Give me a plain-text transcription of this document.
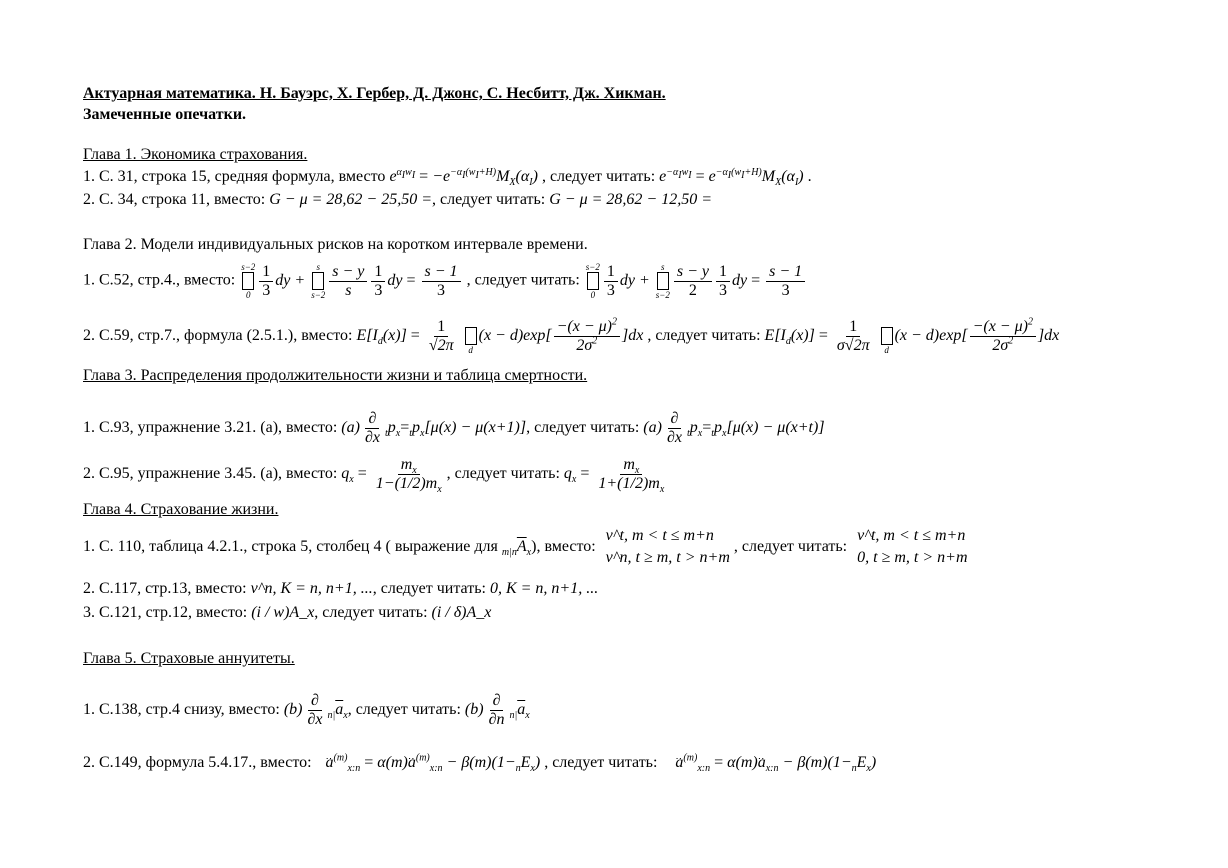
Актуарная математика. Н. Бауэрс, Х. Гербер, Д. Джонс, С. Несбитт, Дж. Хикман.
Замеченные опечатки.
Глава 1. Экономика страхования.
1. С. 31, строка 15, средняя формула, вместо $e^{\alpha_Iw_I} = -e^{-\alpha_I(w_I+H)}M_X(\alpha_I)$ , следует читать: $e^{-\alpha_Iw_I} = e^{-\alpha_I(w_I+H)}M_X(\alpha_I)$ .
2. С. 34, строка 11, вместо: G − μ = 28,62 − 25,50 =, следует читать: G − μ = 28,62 − 12,50 =
Глава 2. Модели индивидуальных рисков на коротком интервале времени.
1. С.52, стр.4., вместо:
s−2
$0 \frac{1}{3}$ dy +
s
$s-2 \frac{s - y}{s} \frac{1}{3}$ dy = $\frac{s - 1}{3}$ , следует читать:
s−2
$0 \frac{1}{3}$ dy +
s
$s-2 \frac{s - y}{2} \frac{1}{3}$ dy = $\frac{s - 1}{3}$
2. С.59, стр.7., формула (2.5.1.), вместо: $E[I_d(x)] = \frac{1}{√2\pi}$

d
$(x - d)\exp[ \frac{-(x - \mu)^2}{2\sigma^2} ]dx$ , следует читать: $E[I_d(x)] = \frac{1}{\sigma√2\pi}$

d
$(x - d)\exp[ \frac{-(x - \mu)^2}{2\sigma^2} ]dx$
Глава 3. Распределения продолжительности жизни и таблица смертности.
1. С.93, упражнение 3.21. (a), вместо: $(a) \frac{\partial}{\partial x} _tp_x=_tp_x[\mu(x) - \mu(x+1)]$, следует читать: $(a) \frac{\partial}{\partial x} _tp_x=_tp_x[\mu(x) - \mu(x+t)]$
2. С.95, упражнение 3.45. (a), вместо: $q_x = \frac{m_x}{1-(1/2)m_x}$ , следует читать: $q_x = \frac{m_x}{1+(1/2)m_x}$
Глава 4. Страхование жизни.
1. С. 110, таблица 4.2.1., строка 5, столбец 4 ( выражение для $_{m|n}\overline{A}_x$), вместо:
v^t, m < t ≤ m+n
v^n, t ≥ m, t > n+m
, следует читать:
v^t, m < t ≤ m+n
0, t ≥ m, t > n+m
2. С.117, стр.13, вместо: v^n, K = n, n+1, ..., следует читать: 0, K = n, n+1, ...
3. С.121, стр.12, вместо: (i / w)A_x, следует читать: (i / δ)A_x
Глава 5. Страховые аннуитеты.
1. С.138, стр.4 снизу, вместо: $(b) \frac{\partial}{\partial x} _{n|}\overline{a}_x$, следует читать: $(b) \frac{\partial}{\partial n} _{n|}\overline{a}_x$
2. С.149, формула 5.4.17., вместо: ‥ $a^{(m)}_{x:n}$ = α(m)‥ $a^{(m)}_{x:n} - \beta(m)(1-_nE_x)$ , следует читать: ‥ $a^{(m)}_{x:n}$ = α(m)‥ $a_{x:n} - \beta(m)(1-_nE_x)$
